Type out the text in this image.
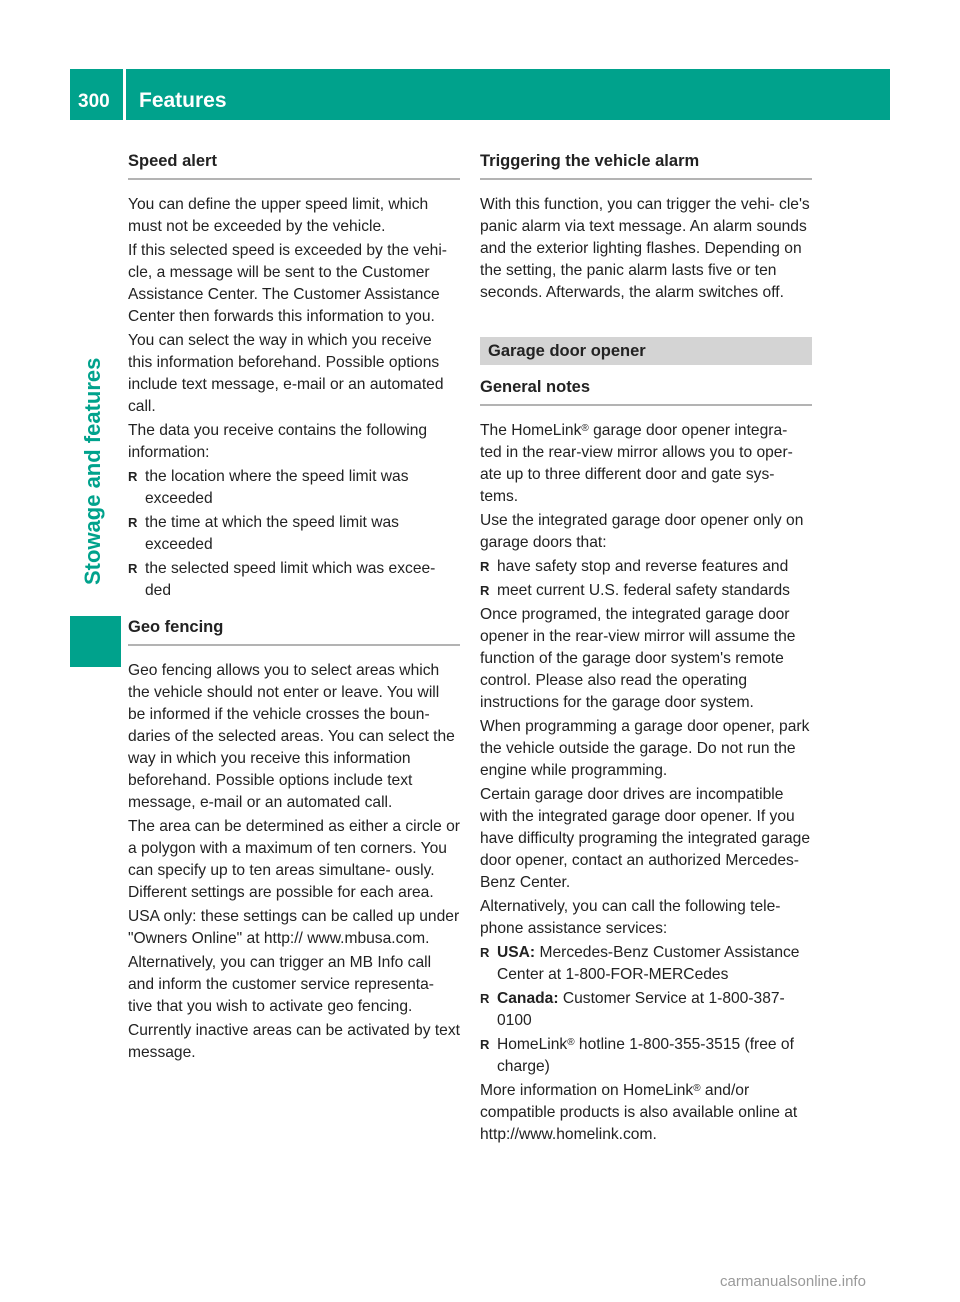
300 Features
Stowage and features
Speed alert

You can define the upper speed limit, which must not be exceeded by the vehicle.

If this selected speed is exceeded by the vehi- cle, a message will be sent to the Customer Assistance Center. The Customer Assistance Center then forwards this information to you.

You can select the way in which you receive this information beforehand. Possible options include text message, e-mail or an automated call.

The data you receive contains the following information:

R the location where the speed limit was exceeded
R the time at which the speed limit was exceeded
R the selected speed limit which was excee- ded
Geo fencing

Geo fencing allows you to select areas which the vehicle should not enter or leave. You will be informed if the vehicle crosses the boun- daries of the selected areas. You can select the way in which you receive this information beforehand. Possible options include text message, e-mail or an automated call.

The area can be determined as either a circle or a polygon with a maximum of ten corners. You can specify up to ten areas simultane- ously. Different settings are possible for each area.

USA only: these settings can be called up under "Owners Online" at http:// www.mbusa.com.

Alternatively, you can trigger an MB Info call and inform the customer service representa- tive that you wish to activate geo fencing.

Currently inactive areas can be activated by text message.

Triggering the vehicle alarm

With this function, you can trigger the vehi- cle's panic alarm via text message. An alarm sounds and the exterior lighting flashes. Depending on the setting, the panic alarm lasts five or ten seconds. Afterwards, the alarm switches off.

Garage door opener
General notes

The HomeLink® garage door opener integra- ted in the rear-view mirror allows you to oper- ate up to three different door and gate sys- tems.

Use the integrated garage door opener only on garage doors that:

R have safety stop and reverse features and
R meet current U.S. federal safety standards

Once programed, the integrated garage door opener in the rear-view mirror will assume the function of the garage door system's remote control. Please also read the operating instructions for the garage door system.

When programming a garage door opener, park the vehicle outside the garage. Do not run the engine while programming.

Certain garage door drives are incompatible with the integrated garage door opener. If you have difficulty programing the integrated garage door opener, contact an authorized Mercedes-Benz Center.

Alternatively, you can call the following tele- phone assistance services:

R USA: Mercedes-Benz Customer Assistance Center at 1-800-FOR-MERCedes
R Canada: Customer Service at 1-800-387-0100
R HomeLink® hotline 1-800-355-3515 (free of charge)

More information on HomeLink® and/or compatible products is also available online at http://www.homelink.com.

carmanualsonline.info
